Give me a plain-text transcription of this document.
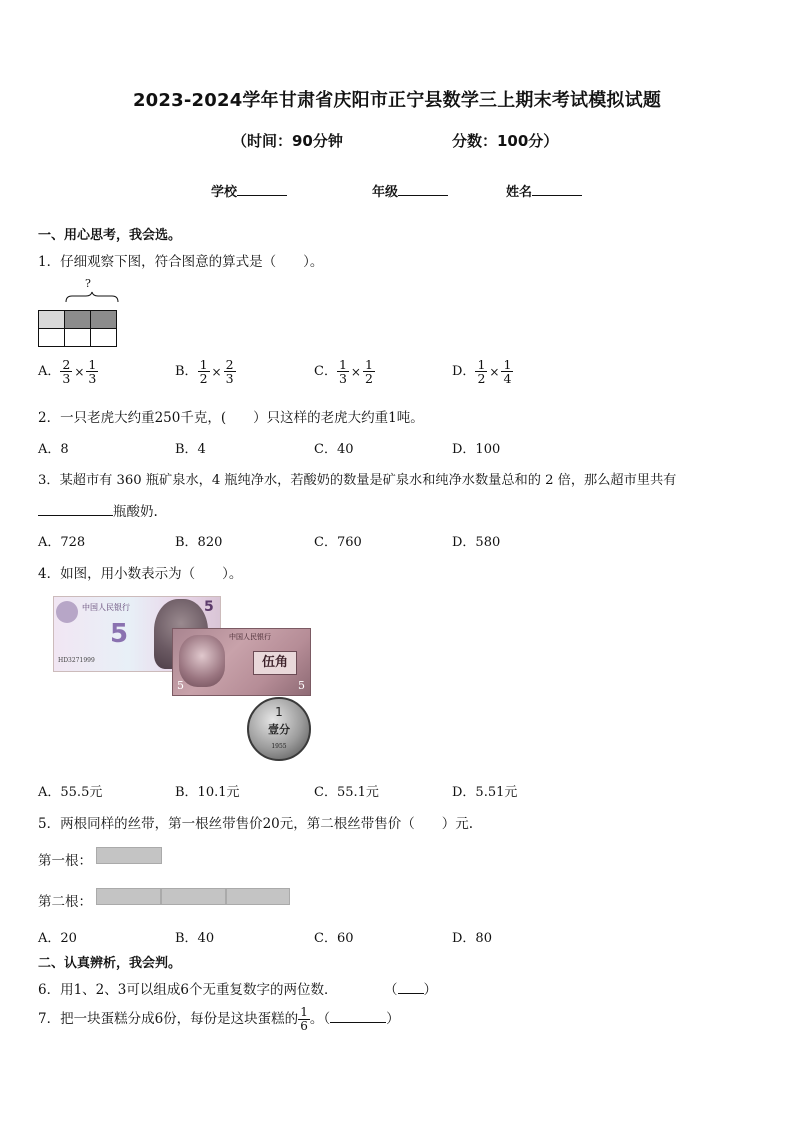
2023-2024学年甘肃省庆阳市正宁县数学三上期末考试模拟试题
（时间：90分钟	分数：100分）
学校	年级	姓名
一、用心思考，我会选。
1．仔细观察下图，符合图意的算式是（　　）。
?

A． $\frac{2}{3} \times \frac{1}{3}$	B． $\frac{1}{2} \times \frac{2}{3}$	C． $\frac{1}{3} \times \frac{1}{2}$	D． $\frac{1}{2} \times \frac{1}{4}$
2．一只老虎大约重250千克，(　　）只这样的老虎大约重1吨。
A．8	B．4	C．40	D．100
3．某超市有 360 瓶矿泉水，4 瓶纯净水，若酸奶的数量是矿泉水和纯净水数量总和的 2 倍，那么超市里共有
瓶酸奶.
A．728	B．820	C．760	D．580
4．如图，用小数表示为（　　）。
中国人民银行
5
HD3271999
5
中国人民银行
伍角
5	5
1
壹分
1955
A．55.5元	B．10.1元	C．55.1元	D．5.51元
5．两根同样的丝带，第一根丝带售价20元，第二根丝带售价（　　）元.
第一根：
第二根：
A．20	B．40	C．60	D．80
二、认真辨析，我会判。
6．用1、2、3可以组成6个无重复数字的两位数．	（ ）
7．把一块蛋糕分成6份，每份是这块蛋糕的 $\frac{1}{6}$ 。（	）
